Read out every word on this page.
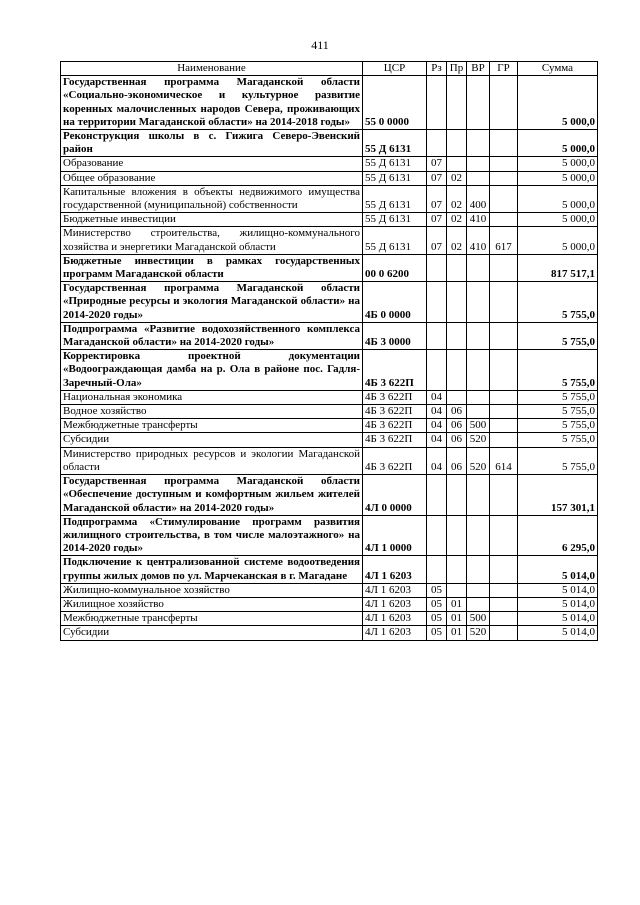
411
Наименование	ЦСР	Рз	Пр	ВР	ГР	Сумма
Государственная программа Магаданской области «Социально-экономическое и культурное развитие коренных малочисленных народов Севера, проживающих на территории Магаданской области» на 2014-2018 годы»	55 0 0000					5 000,0
Реконструкция школы в с. Гижига Северо-Эвенский район	55 Д 6131					5 000,0
Образование	55 Д 6131	07				5 000,0
Общее образование	55 Д 6131	07	02			5 000,0
Капитальные вложения в объекты недвижимого имущества государственной (муниципальной) собственности	55 Д 6131	07	02	400		5 000,0
Бюджетные инвестиции	55 Д 6131	07	02	410		5 000,0
Министерство строительства, жилищно-коммунального хозяйства и энергетики Магаданской области	55 Д 6131	07	02	410	617	5 000,0
Бюджетные инвестиции в рамках государственных программ Магаданской области	00 0 6200					817 517,1
Государственная программа Магаданской области «Природные ресурсы и экология Магаданской области» на 2014-2020 годы»	4Б 0 0000					5 755,0
Подпрограмма «Развитие водохозяйственного комплекса Магаданской области» на 2014-2020 годы»	4Б 3 0000					5 755,0
Корректировка проектной документации «Водоограждающая дамба на р. Ола в районе пос. Гадля-Заречный-Ола»	4Б 3 622П					5 755,0
Национальная экономика	4Б 3 622П	04				5 755,0
Водное хозяйство	4Б 3 622П	04	06			5 755,0
Межбюджетные трансферты	4Б 3 622П	04	06	500		5 755,0
Субсидии	4Б 3 622П	04	06	520		5 755,0
Министерство природных ресурсов и экологии Магаданской области	4Б 3 622П	04	06	520	614	5 755,0
Государственная программа Магаданской области «Обеспечение доступным и комфортным жильем жителей Магаданской области» на 2014-2020 годы»	4Л 0 0000					157 301,1
Подпрограмма «Стимулирование программ развития жилищного строительства, в том числе малоэтажного» на 2014-2020 годы»	4Л 1 0000					6 295,0
Подключение к централизованной системе водоотведения группы жилых домов по ул. Марчеканская в г. Магадане	4Л 1 6203					5 014,0
Жилищно-коммунальное хозяйство	4Л 1 6203	05				5 014,0
Жилищное хозяйство	4Л 1 6203	05	01			5 014,0
Межбюджетные трансферты	4Л 1 6203	05	01	500		5 014,0
Субсидии	4Л 1 6203	05	01	520		5 014,0
